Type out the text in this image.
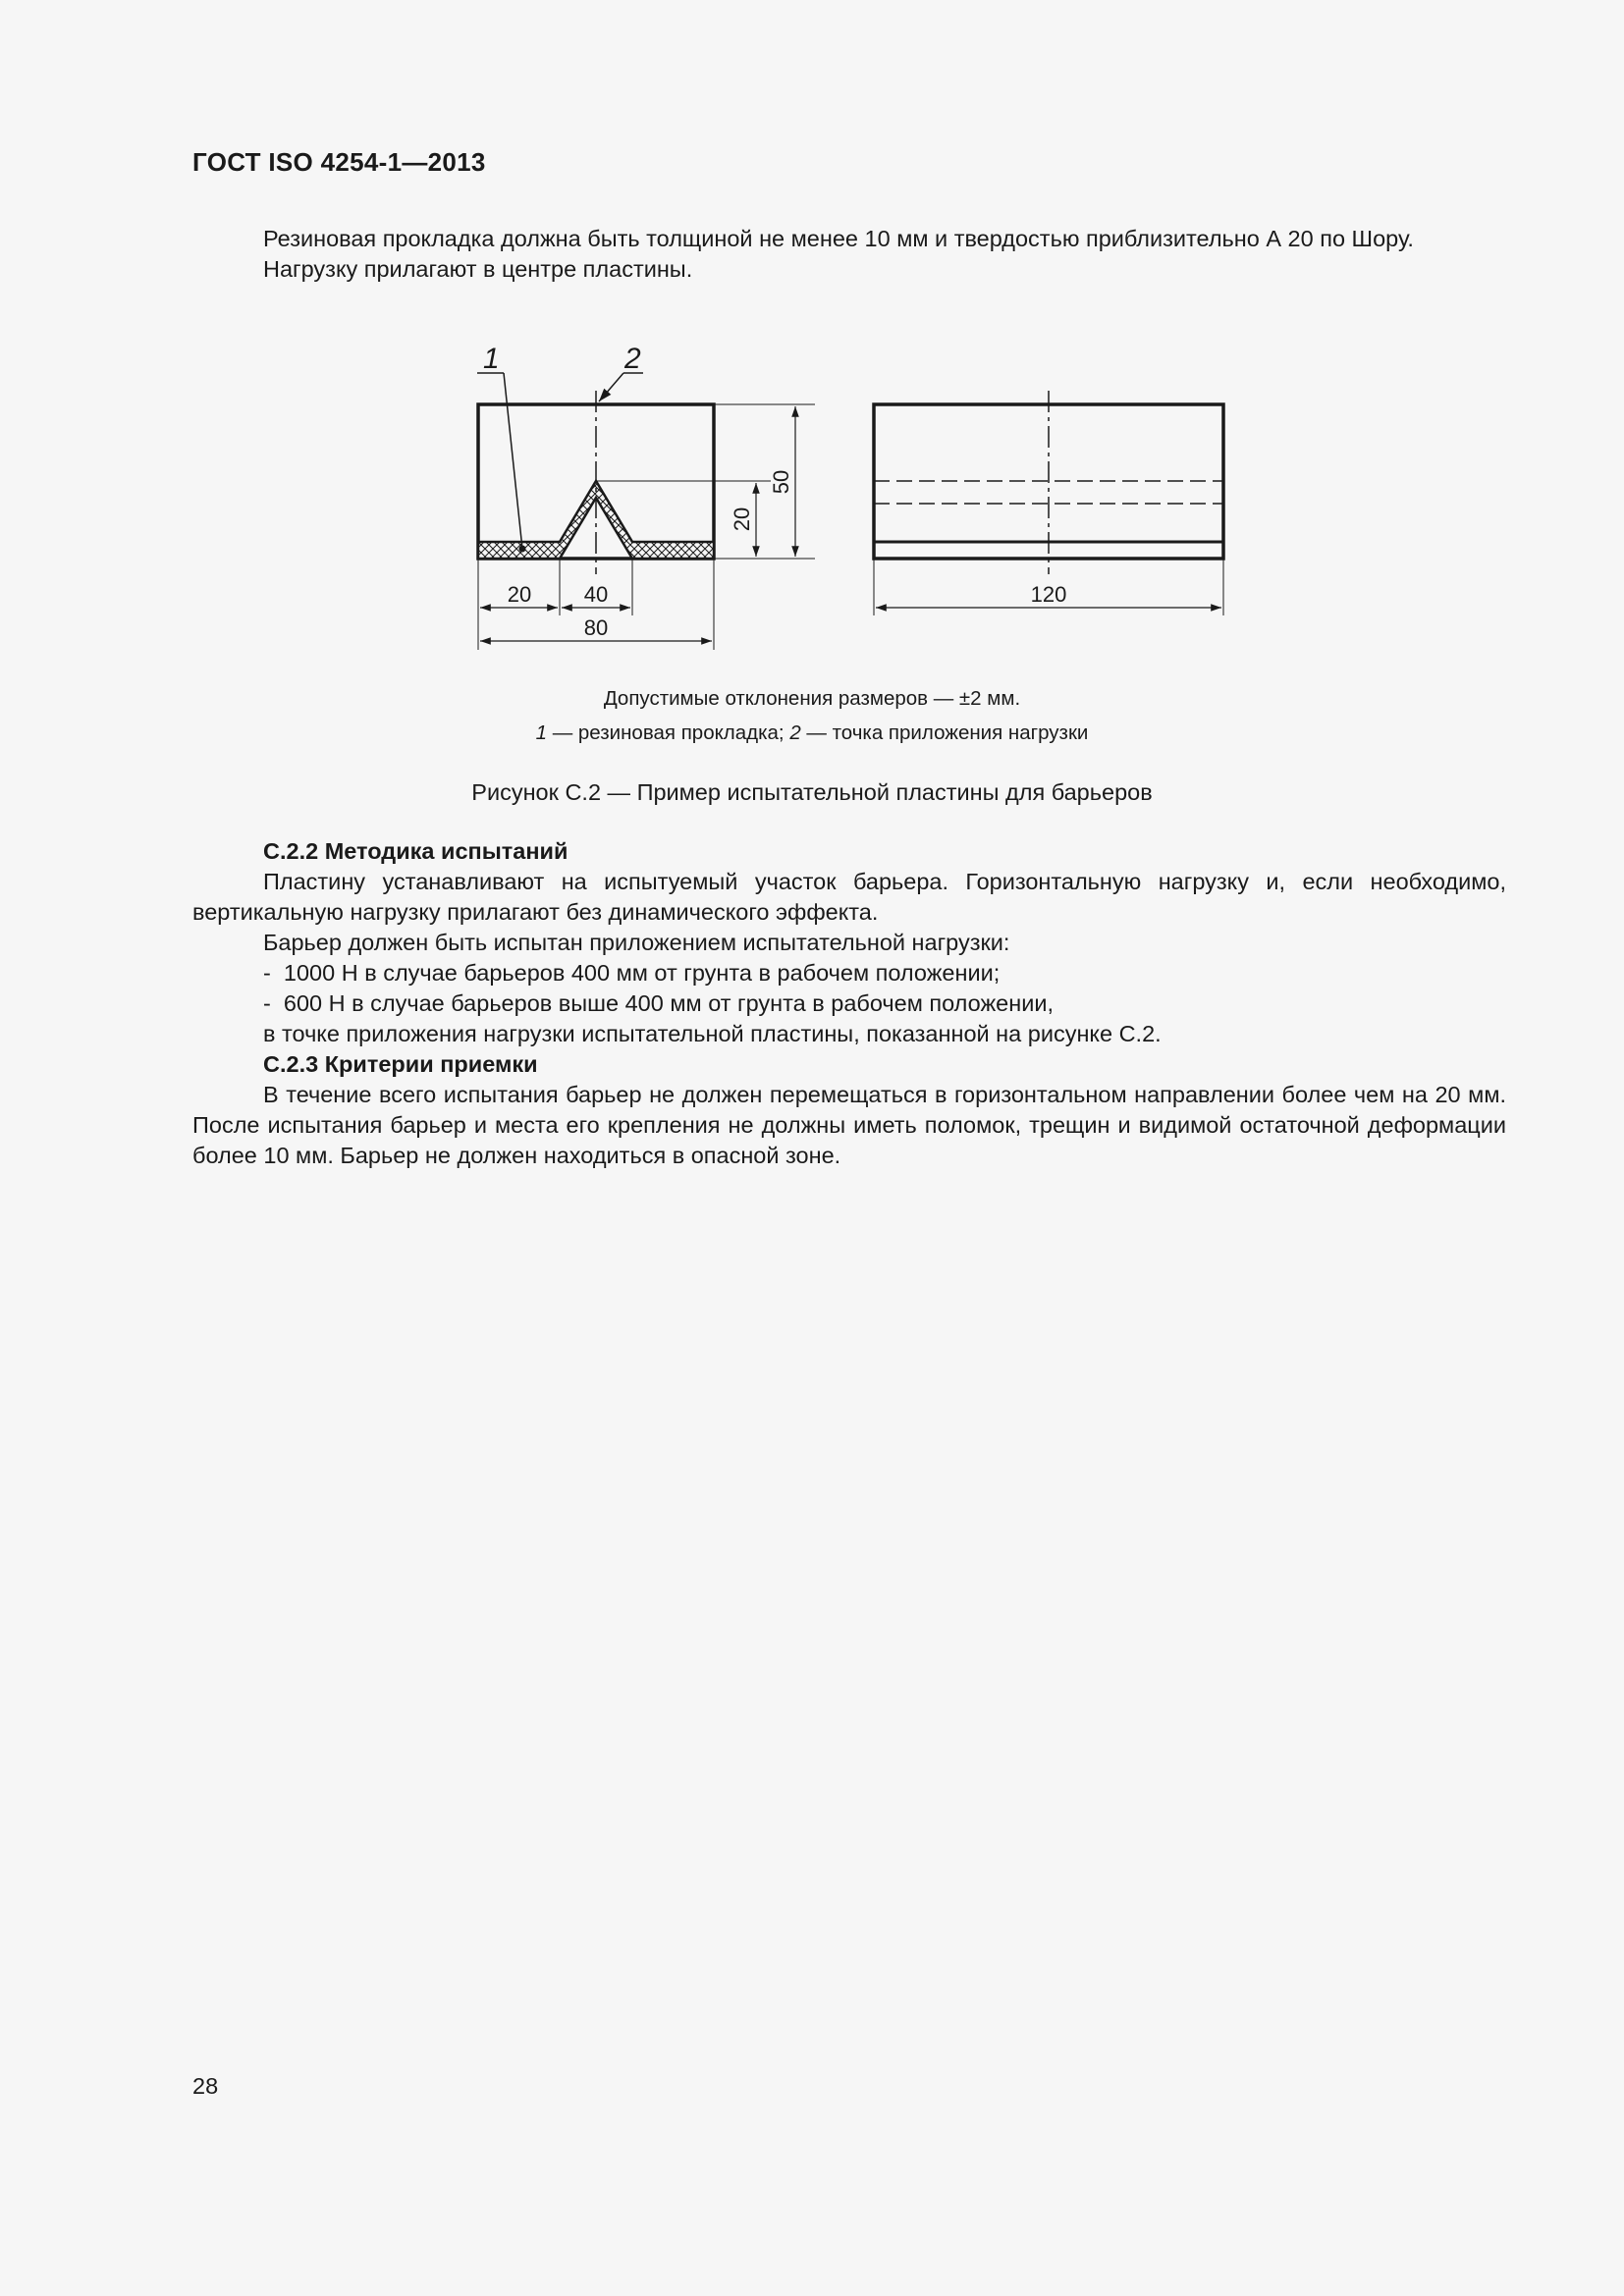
ГОСТ ISO 4254-1—2013
Резиновая прокладка должна быть толщиной не менее 10 мм и твердостью приблизительно А 20 по Шору.
Нагрузку прилагают в центре пластины.
1	2
20 40
80
20
50
120
Допустимые отклонения размеров — ±2 мм.
1 — резиновая прокладка; 2 — точка приложения нагрузки
Рисунок С.2 — Пример испытательной пластины для барьеров

С.2.2 Методика испытаний

Пластину устанавливают на испытуемый участок барьера. Горизонтальную нагрузку и, если необходимо, вертикальную нагрузку прилагают без динамического эффекта.

Барьер должен быть испытан приложением испытательной нагрузки:

-  1000 Н в случае барьеров 400 мм от грунта в рабочем положении;

-  600 Н в случае барьеров выше 400 мм от грунта в рабочем положении,

в точке приложения нагрузки испытательной пластины, показанной на рисунке С.2.

С.2.3 Критерии приемки

В течение всего испытания барьер не должен перемещаться в горизонтальном направлении более чем на 20 мм. После испытания барьер и места его крепления не должны иметь поломок, трещин и видимой остаточной деформации более 10 мм. Барьер не должен находиться в опасной зоне.

28
